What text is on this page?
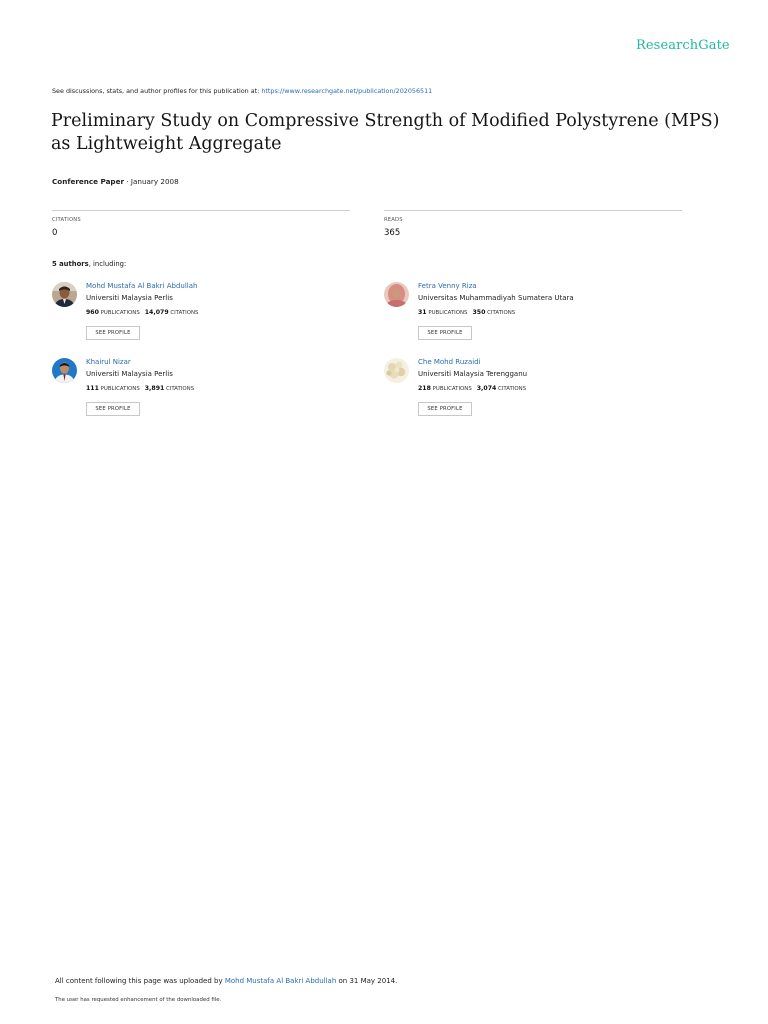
ResearchGate
See discussions, stats, and author profiles for this publication at: https://www.researchgate.net/publication/202056511
Preliminary Study on Compressive Strength of Modified Polystyrene (MPS) as Lightweight Aggregate
Conference Paper · January 2008
CITATIONS
0
READS
365
5 authors, including:
Mohd Mustafa Al Bakri Abdullah
Universiti Malaysia Perlis
960 PUBLICATIONS 14,079 CITATIONS
SEE PROFILE
Fetra Venny Riza
Universitas Muhammadiyah Sumatera Utara
31 PUBLICATIONS 350 CITATIONS
SEE PROFILE
Khairul Nizar
Universiti Malaysia Perlis
111 PUBLICATIONS 3,891 CITATIONS
SEE PROFILE
Che Mohd Ruzaidi
Universiti Malaysia Terengganu
218 PUBLICATIONS 3,074 CITATIONS
SEE PROFILE
All content following this page was uploaded by Mohd Mustafa Al Bakri Abdullah on 31 May 2014.
The user has requested enhancement of the downloaded file.
